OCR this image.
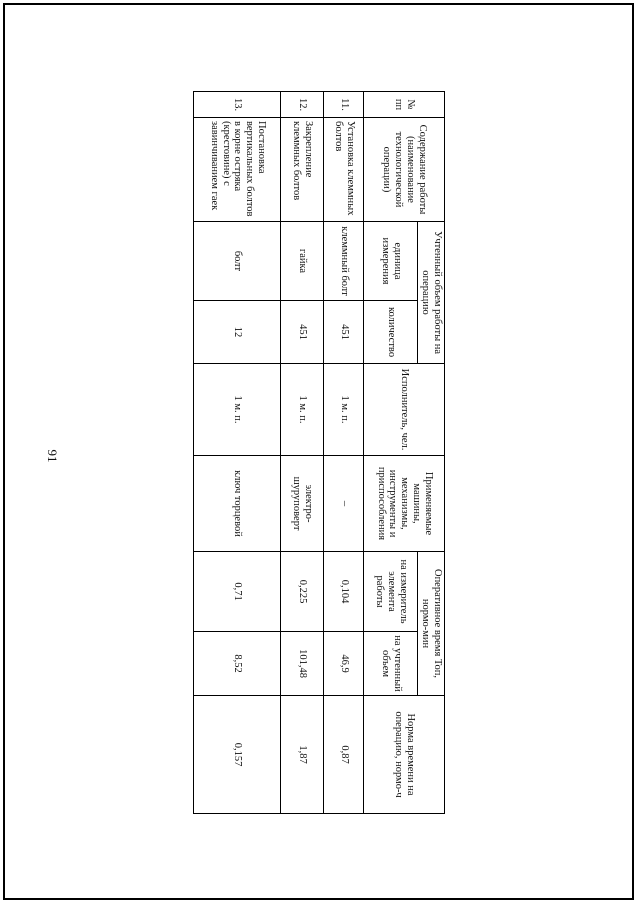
91
№ пп	Содержание работы (наименование технологической операции)	Учтенный объем работы на операцию		Исполнитель, чел.	Применяемые машины, механизмы, инструменты и приспособления	Оперативное время Топ, нормо-мин		Норма времени на операцию, нормо-ч
		единица измерения	количество			на измеритель элемента работы	на учтенный объем	
11.	Установка клеммных болтов	клеммный болт	451	1 м. п.	–	0,104	46,9	0,87
12.	Закрепление клеммных болтов	гайка	451	1 м. п.	электро-шуруповерт	0,225	101,48	1,87
13.	Постановка вертикальных болтов в корне остряка (крестовине) с завинчиванием гаек	болт	12	1 м. п.	ключ торцевой	0,71	8,52	0,157
